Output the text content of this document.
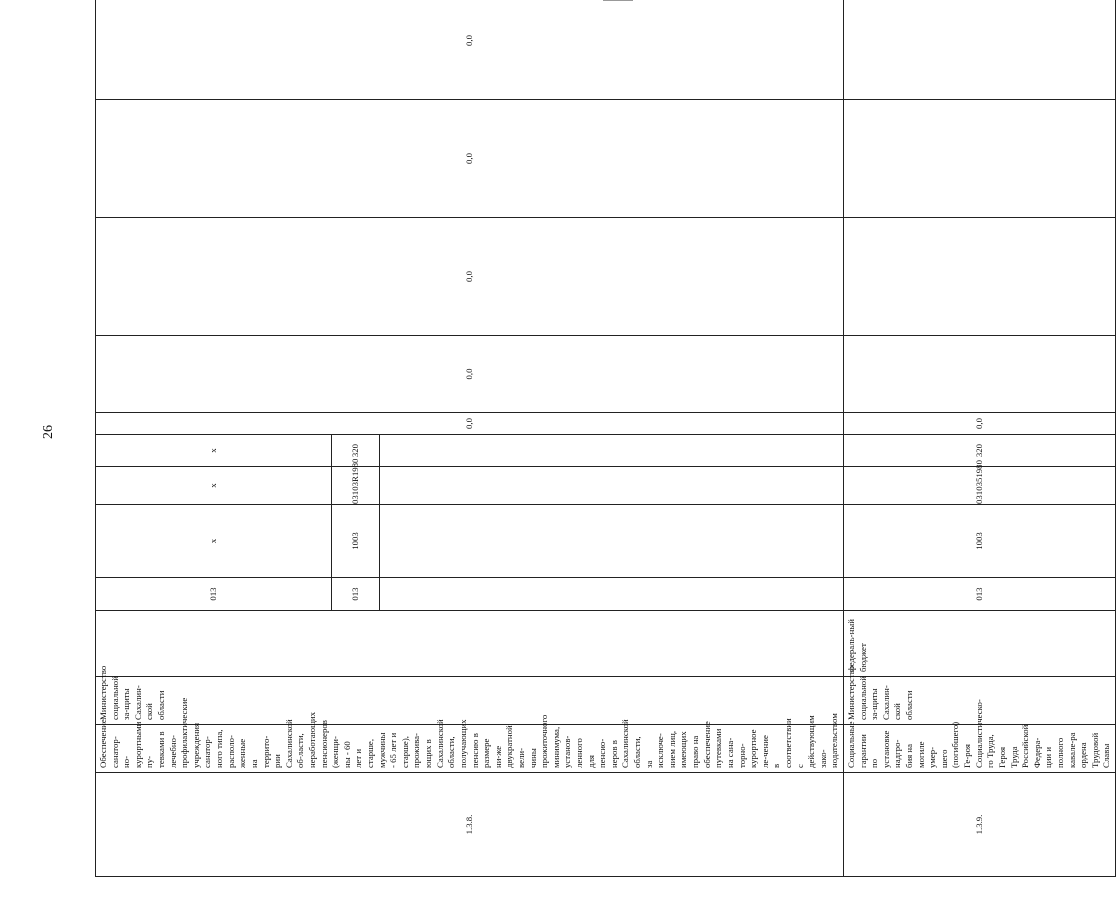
26
1.3.8.	Обеспечение санатор-но-курортными пу-тевками в лечебно-профилактические учреждения санатор-ного типа, располо-женные на террито-рии Сахалинской об-ласти, неработающих пенсионеров (женщи-ны - 60 лет и старше, мужчины - 65 лет и старше), прожива-ющих в Сахалинской области, получающих пенсию в размере ни-же двукратной вели-чины прожиточного минимума, установ-ленного для пенсио-неров в Сахалинской области, за исключе-нием лиц, имеющих право на обеспечение путевками на сана-торно-курортное ле-чение в соответствии с действующим зако-нодательством	Министерство социальной за-щиты Сахалин-ской области		013	x	x	x	0,0	0,0	0,0	0,0	0,0		
				013	1003	03103R1980	320	

1.3.9.	Социальные гарантии по установке надгро-бия на могиле умер-шего (погибшего) Ге-роя Социалистическо-го Труда, Героя Труда Российской Федера-ции и полного кавале-ра ордена Трудовой Славы	Министерство социальной за-щиты Сахалин-ской области	федераль-ный бюджет	013	1003	0310351980	320	0,0							
